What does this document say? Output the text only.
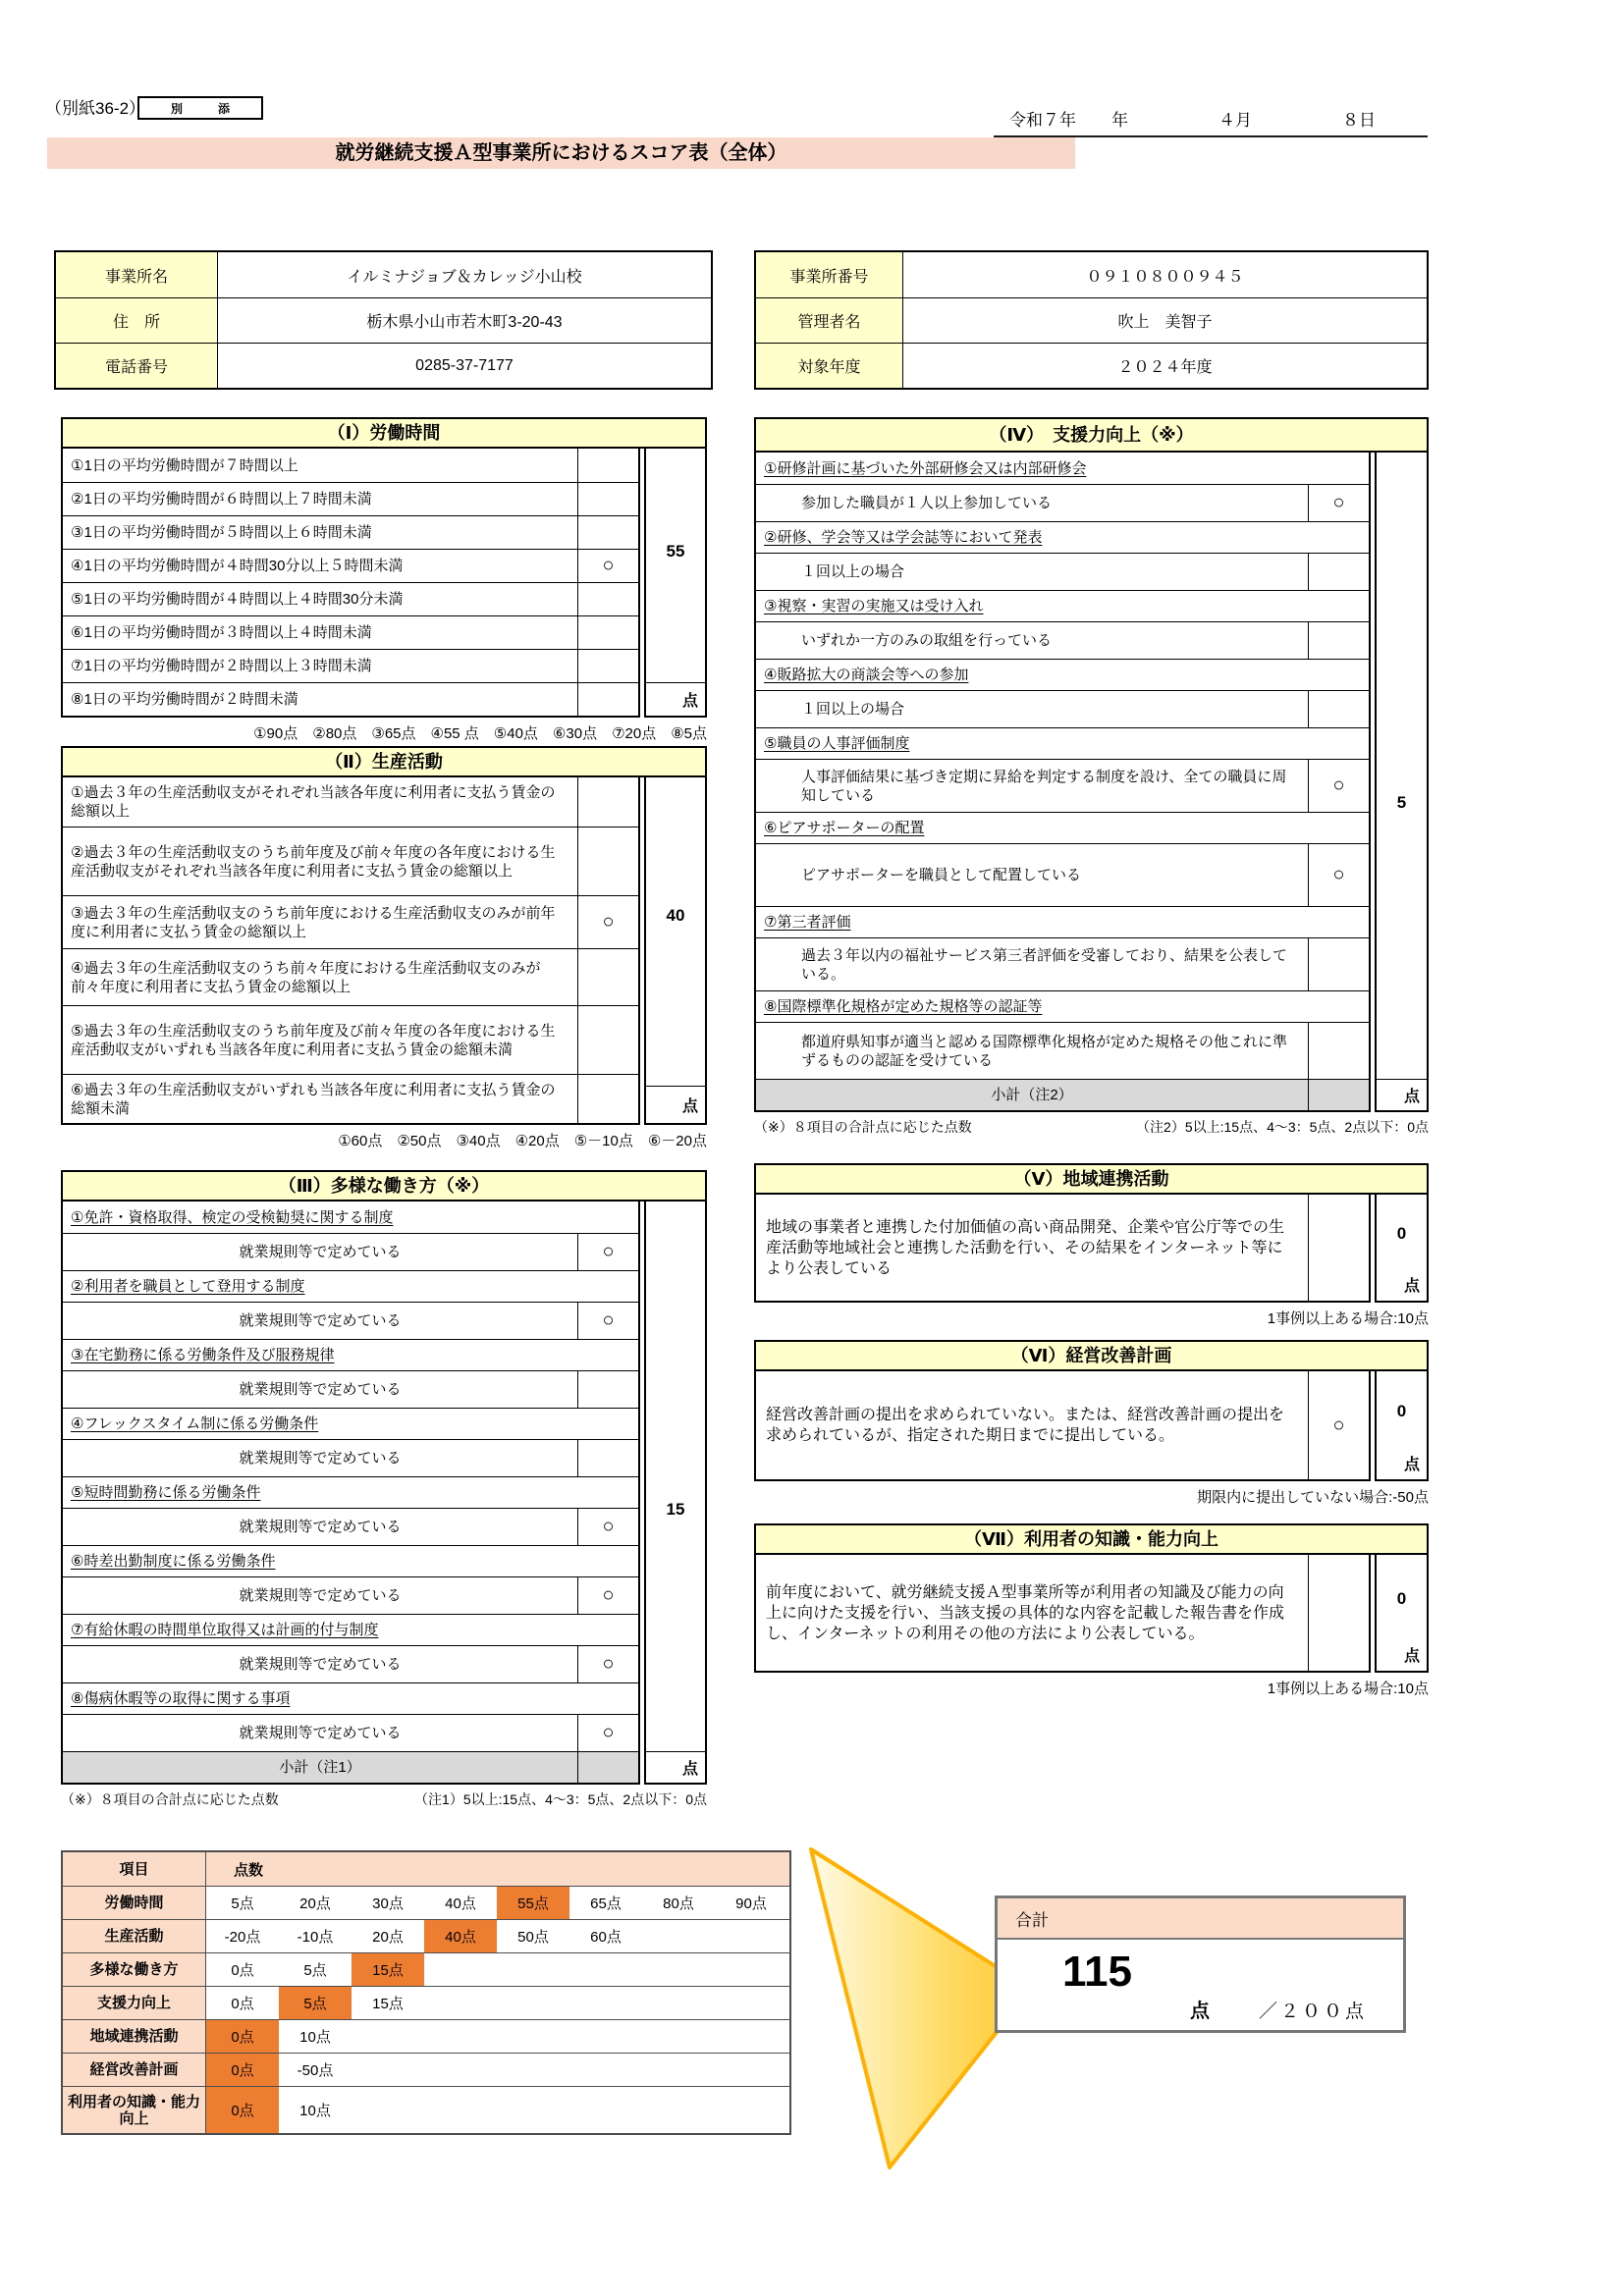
（別紙36-2）	別　添
令和７年 年	４月	８日
就労継続支援Ａ型事業所におけるスコア表（全体）
事業所名	イルミナジョブ＆カレッジ小山校
住　所	栃木県小山市若木町3-20-43
電話番号	0285-37-7177
事業所番号	０９１０８００９４５
管理者名	吹上　美智子
対象年度	２０２４年度
（Ⅰ）労働時間
①1日の平均労働時間が７時間以上
②1日の平均労働時間が６時間以上７時間未満
③1日の平均労働時間が５時間以上６時間未満
④1日の平均労働時間が４時間30分以上５時間未満	○
⑤1日の平均労働時間が４時間以上４時間30分未満
⑥1日の平均労働時間が３時間以上４時間未満
⑦1日の平均労働時間が２時間以上３時間未満
⑧1日の平均労働時間が２時間未満
55
点
①90点　②80点　③65点　④55 点　⑤40点　⑥30点　⑦20点　⑧5点
（Ⅱ）生産活動
①過去３年の生産活動収支がそれぞれ当該各年度に利用者に支払う賃金の総額以上
②過去３年の生産活動収支のうち前年度及び前々年度の各年度における生産活動収支がそれぞれ当該各年度に利用者に支払う賃金の総額以上
③過去３年の生産活動収支のうち前年度における生産活動収支のみが前年度に利用者に支払う賃金の総額以上	○
④過去３年の生産活動収支のうち前々年度における生産活動収支のみが前々年度に利用者に支払う賃金の総額以上
⑤過去３年の生産活動収支のうち前年度及び前々年度の各年度における生産活動収支がいずれも当該各年度に利用者に支払う賃金の総額未満
⑥過去３年の生産活動収支がいずれも当該各年度に利用者に支払う賃金の総額未満
40
点
①60点　②50点　③40点　④20点　⑤－10点　⑥－20点
（Ⅲ）多様な働き方（※）
①免許・資格取得、検定の受検勧奨に関する制度
就業規則等で定めている	○
②利用者を職員として登用する制度
就業規則等で定めている	○
③在宅勤務に係る労働条件及び服務規律
就業規則等で定めている
④フレックスタイム制に係る労働条件
就業規則等で定めている
⑤短時間勤務に係る労働条件
就業規則等で定めている	○
⑥時差出勤制度に係る労働条件
就業規則等で定めている	○
⑦有給休暇の時間単位取得又は計画的付与制度
就業規則等で定めている	○
⑧傷病休暇等の取得に関する事項
就業規則等で定めている	○
小計（注1）
15
点
（※）８項目の合計点に応じた点数	（注1）5以上:15点、4～3：5点、2点以下：0点
（Ⅳ）　支援力向上（※）
①研修計画に基づいた外部研修会又は内部研修会
参加した職員が１人以上参加している	○
②研修、学会等又は学会誌等において発表
１回以上の場合
③視察・実習の実施又は受け入れ
いずれか一方のみの取組を行っている
④販路拡大の商談会等への参加
１回以上の場合
⑤職員の人事評価制度
人事評価結果に基づき定期に昇給を判定する制度を設け、全ての職員に周知している	○
⑥ピアサポーターの配置
ピアサポーターを職員として配置している	○
⑦第三者評価
過去３年以内の福祉サービス第三者評価を受審しており、結果を公表している。
⑧国際標準化規格が定めた規格等の認証等
都道府県知事が適当と認める国際標準化規格が定めた規格その他これに準ずるものの認証を受けている
小計（注2）
5
点
（※）８項目の合計点に応じた点数	（注2）5以上:15点、4～3：5点、2点以下：0点
（Ⅴ）地域連携活動
地域の事業者と連携した付加価値の高い商品開発、企業や官公庁等での生産活動等地域社会と連携した活動を行い、その結果をインターネット等により公表している
0
点
1事例以上ある場合:10点
（Ⅵ）経営改善計画
経営改善計画の提出を求められていない。または、経営改善計画の提出を求められているが、指定された期日までに提出している。	○
0
点
期限内に提出していない場合:-50点
（Ⅶ）利用者の知識・能力向上
前年度において、就労継続支援Ａ型事業所等が利用者の知識及び能力の向上に向けた支援を行い、当該支援の具体的な内容を記載した報告書を作成し、インターネットの利用その他の方法により公表している。
0
点
1事例以上ある場合:10点
項目	点数
労働時間	5点	20点	30点	40点	55点	65点	80点	90点
生産活動	-20点	-10点	20点	40点	50点	60点
多様な働き方	0点	5点	15点
支援力向上	0点	5点	15点
地域連携活動	0点	10点
経営改善計画	0点	-50点
利用者の知識・能力向上	0点	10点
合計
115
点	／２００点
